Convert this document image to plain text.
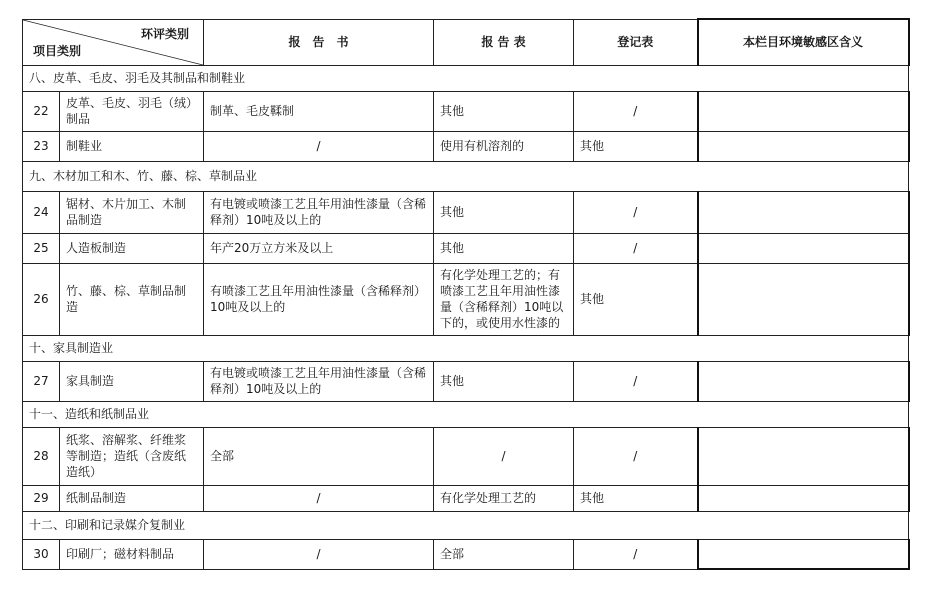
环评类别
项目类别		报　告　书	报 告 表	登记表	本栏目环境敏感区含义
八、皮革、毛皮、羽毛及其制品和制鞋业					
22	皮革、毛皮、羽毛（绒）制品	制革、毛皮鞣制	其他	/	
23	制鞋业	/	使用有机溶剂的	其他	
九、木材加工和木、竹、藤、棕、草制品业					
24	锯材、木片加工、木制品制造	有电镀或喷漆工艺且年用油性漆量（含稀释剂）10吨及以上的	其他	/	
25	人造板制造	年产20万立方米及以上	其他	/	
26	竹、藤、棕、草制品制造	有喷漆工艺且年用油性漆量（含稀释剂）10吨及以上的	有化学处理工艺的；有喷漆工艺且年用油性漆量（含稀释剂）10吨以下的，或使用水性漆的	其他	
十、家具制造业					
27	家具制造	有电镀或喷漆工艺且年用油性漆量（含稀释剂）10吨及以上的	其他	/	
十一、造纸和纸制品业					
28	纸浆、溶解浆、纤维浆等制造；造纸（含废纸造纸）	全部	/	/	
29	纸制品制造	/	有化学处理工艺的	其他	
十二、印刷和记录媒介复制业					
30	印刷厂；磁材料制品	/	全部	/	
